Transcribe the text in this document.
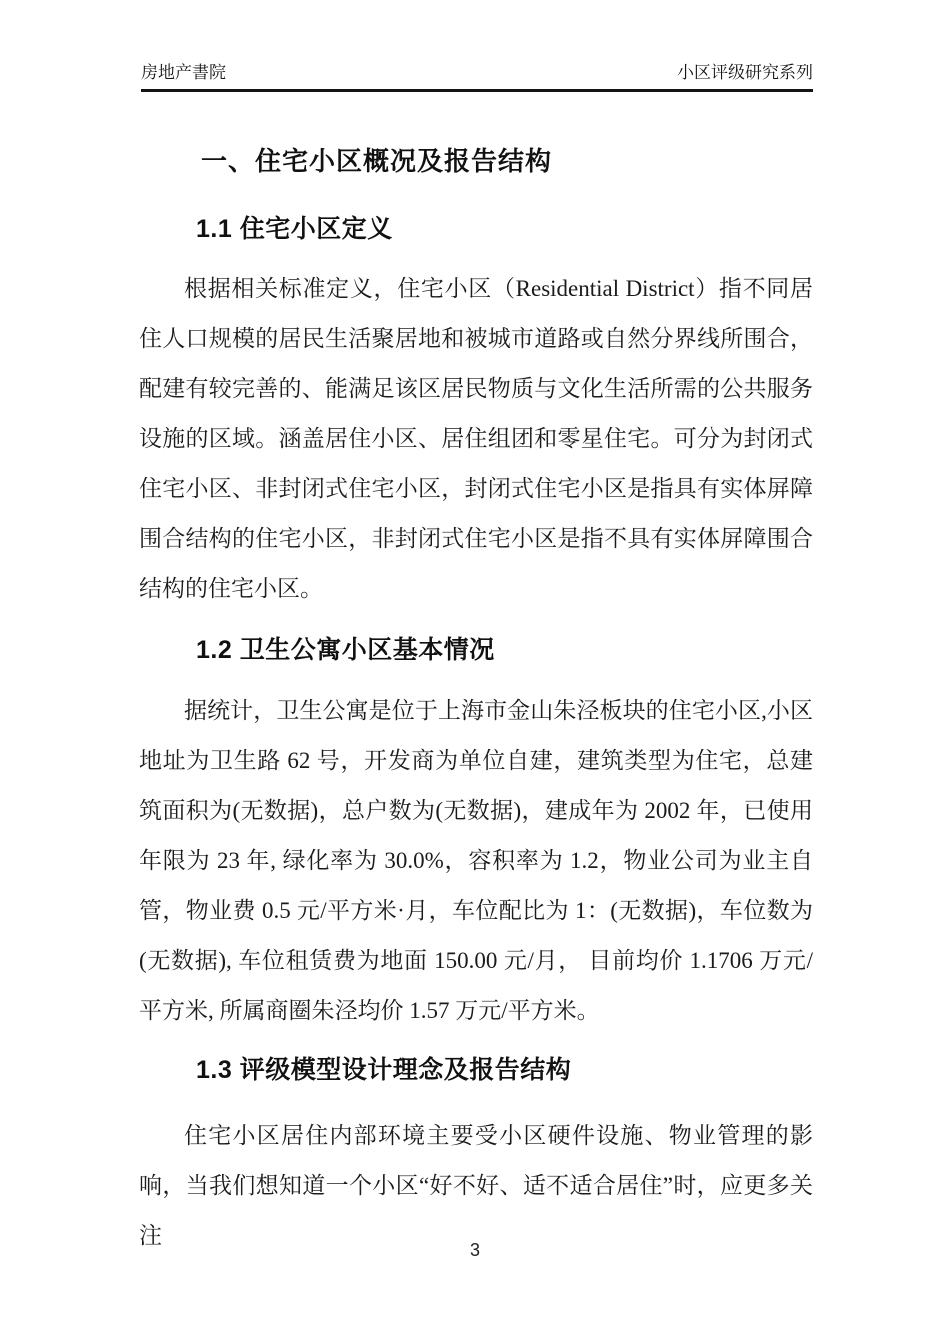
房地产書院	小区评级研究系列
一、住宅小区概况及报告结构
1.1 住宅小区定义

根据相关标准定义，住宅小区（Residential District）指不同居住人口规模的居民生活聚居地和被城市道路或自然分界线所围合，配建有较完善的、能满足该区居民物质与文化生活所需的公共服务设施的区域。涵盖居住小区、居住组团和零星住宅。可分为封闭式住宅小区、非封闭式住宅小区，封闭式住宅小区是指具有实体屏障围合结构的住宅小区，非封闭式住宅小区是指不具有实体屏障围合结构的住宅小区。

1.2 卫生公寓小区基本情况

据统计，卫生公寓是位于上海市金山朱泾板块的住宅小区,小区地址为卫生路 62 号，开发商为单位自建，建筑类型为住宅，总建筑面积为(无数据)，总户数为(无数据)，建成年为 2002 年，已使用年限为 23 年, 绿化率为 30.0%，容积率为 1.2，物业公司为业主自管，物业费 0.5 元/平方米·月，车位配比为 1：(无数据)，车位数为(无数据), 车位租赁费为地面 150.00 元/月， 目前均价 1.1706 万元/平方米, 所属商圈朱泾均价 1.57 万元/平方米。

1.3 评级模型设计理念及报告结构

住宅小区居住内部环境主要受小区硬件设施、物业管理的影响，当我们想知道一个小区“好不好、适不适合居住”时，应更多关注

3
